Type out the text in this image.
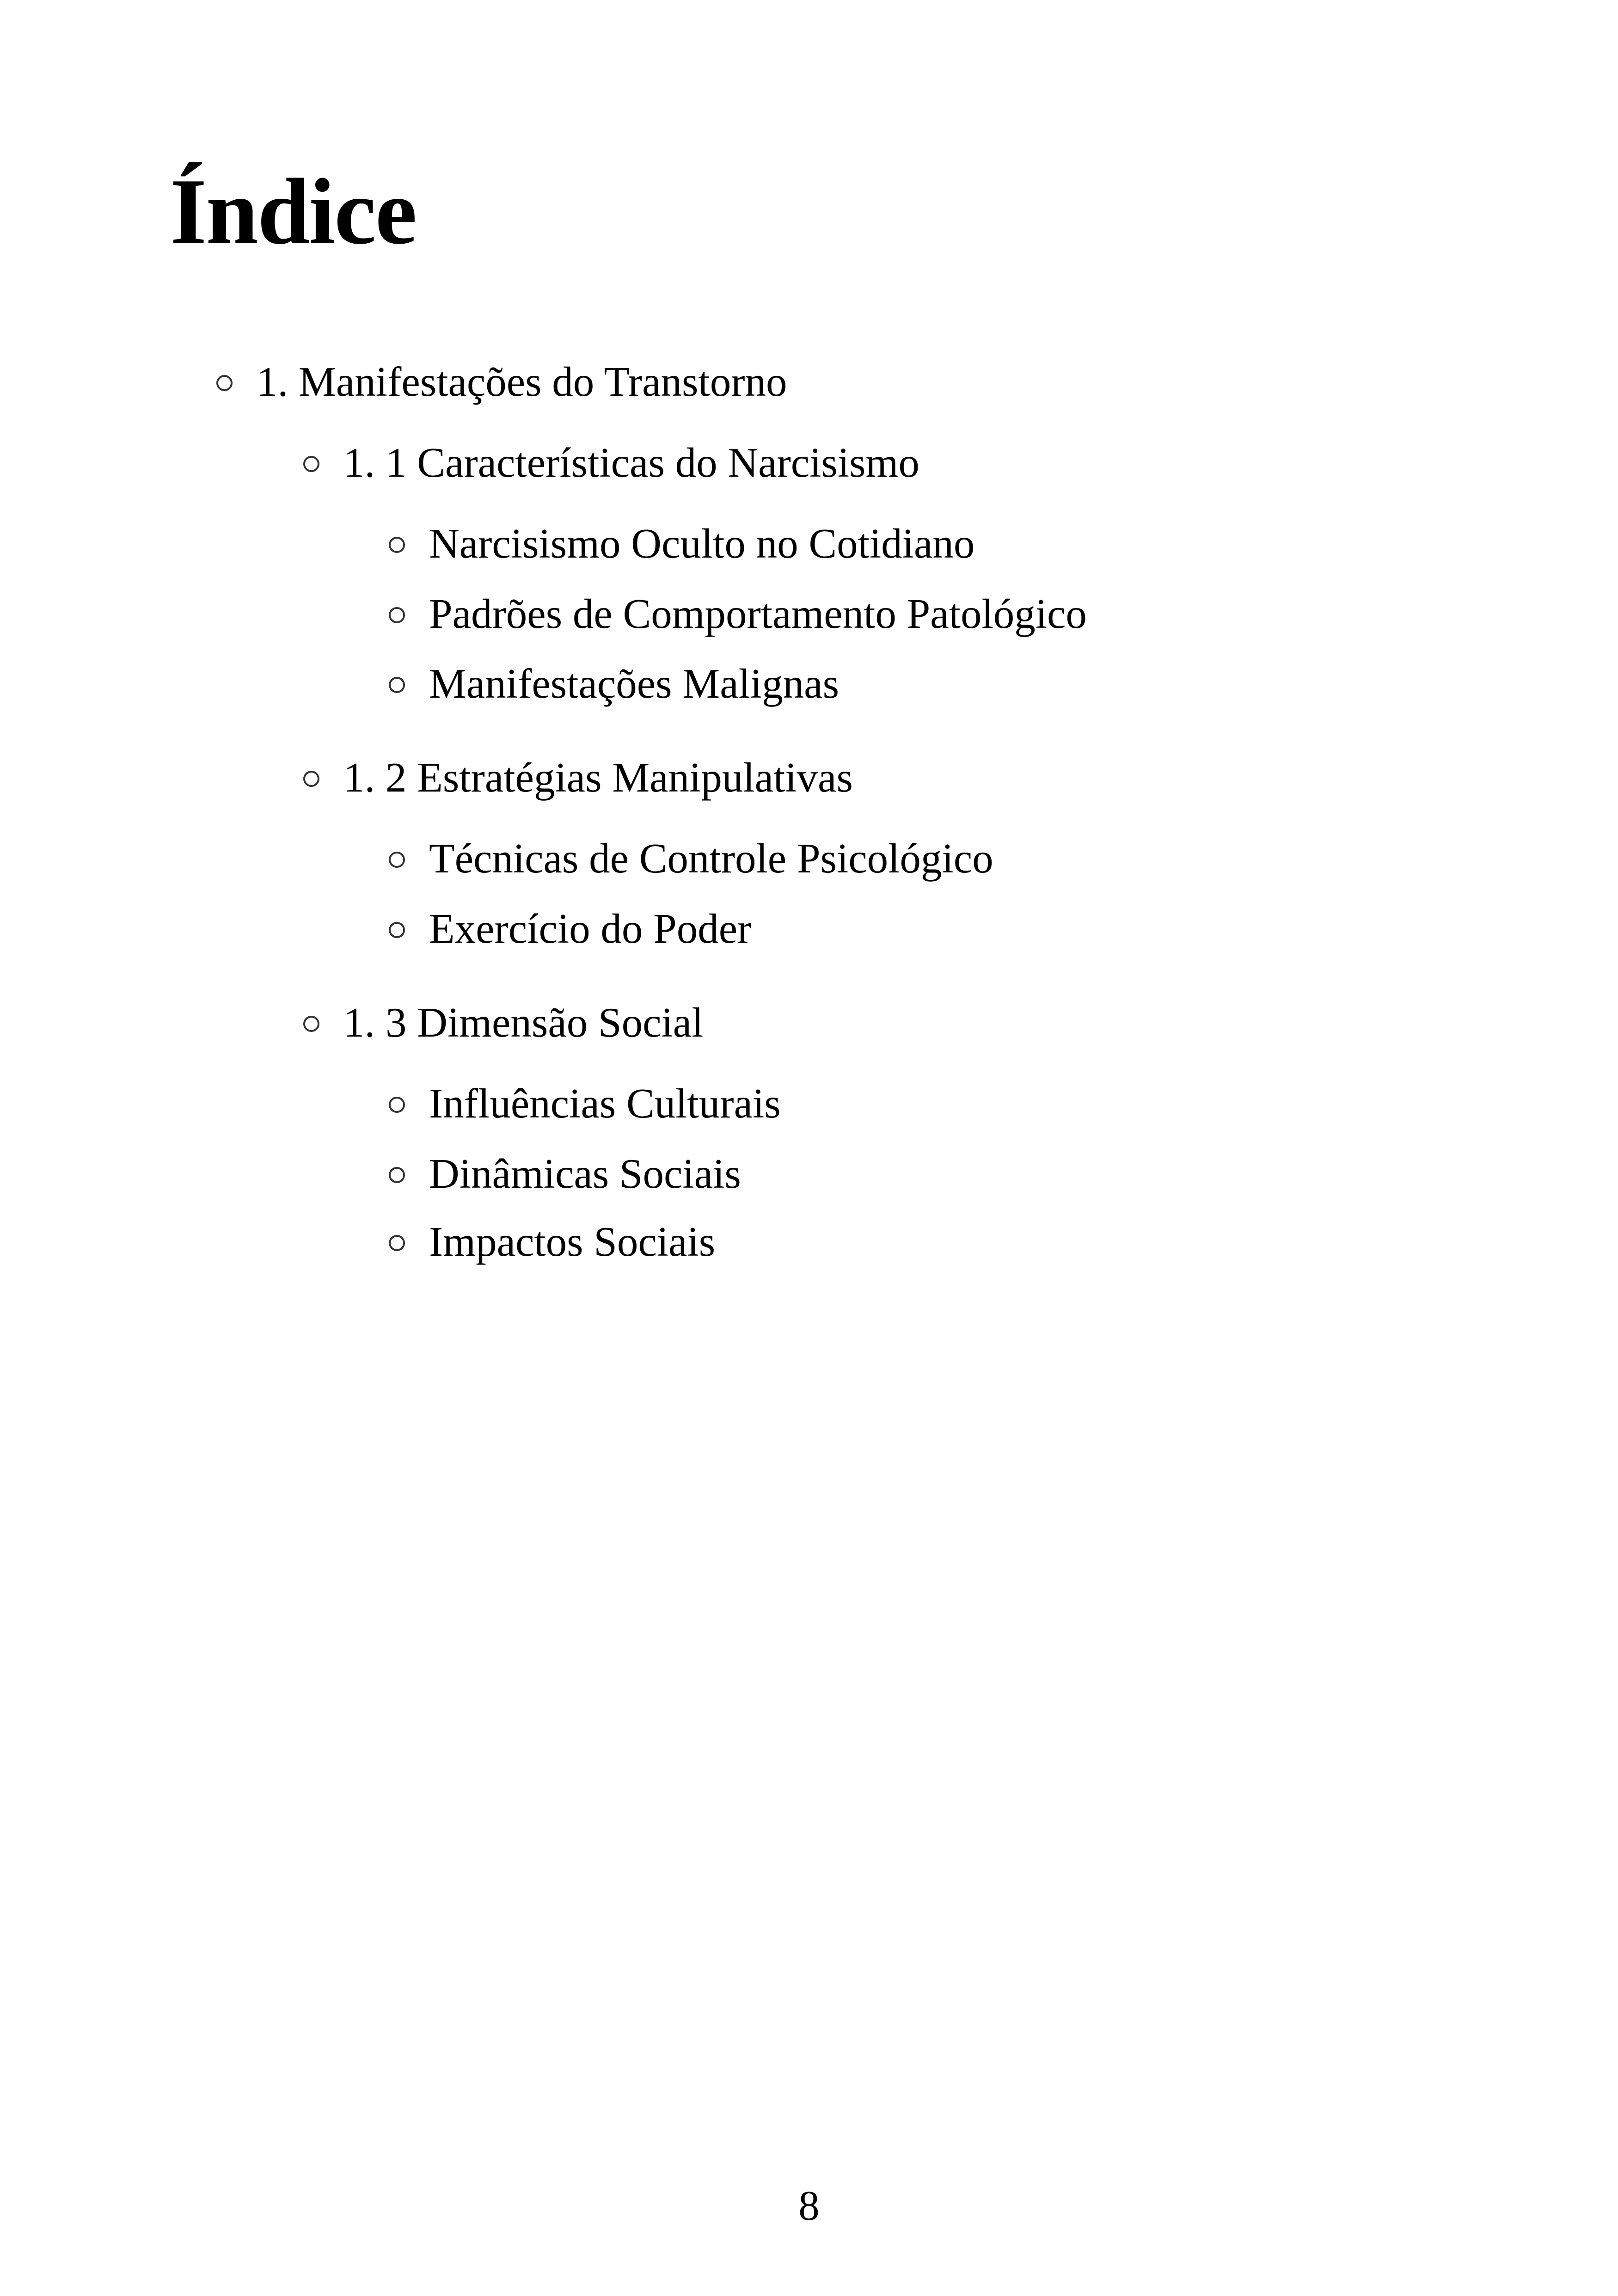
Índice
1. Manifestações do Transtorno
1. 1 Características do Narcisismo
Narcisismo Oculto no Cotidiano
Padrões de Comportamento Patológico
Manifestações Malignas
1. 2 Estratégias Manipulativas
Técnicas de Controle Psicológico
Exercício do Poder
1. 3 Dimensão Social
Influências Culturais
Dinâmicas Sociais
Impactos Sociais
8
